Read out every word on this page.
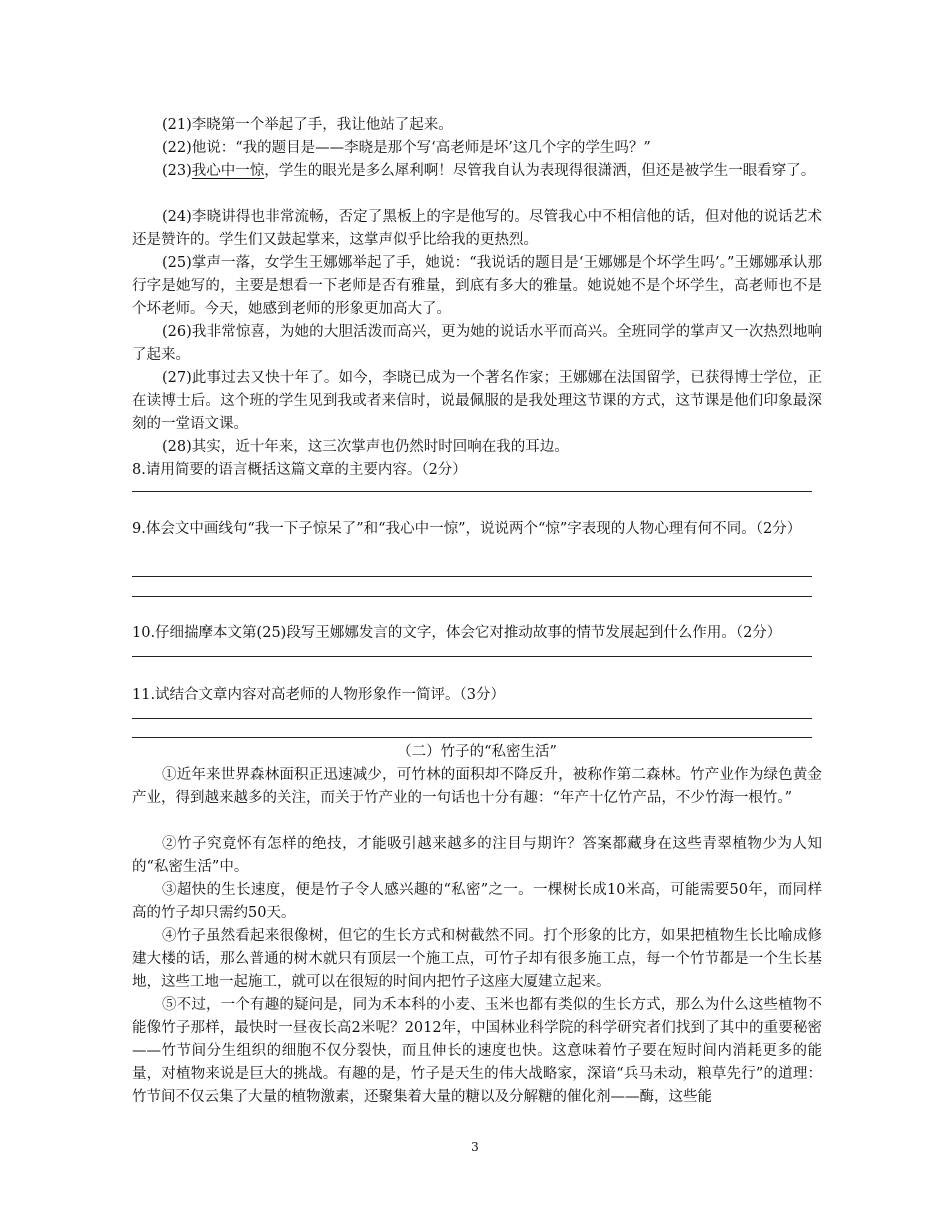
(21)李晓第一个举起了手，我让他站了起来。

(22)他说：“我的题目是——李晓是那个写‘高老师是坏’这几个字的学生吗？”

(23)我心中一惊，学生的眼光是多么犀利啊！尽管我自认为表现得很潇洒，但还是被学生一眼看穿了。

(24)李晓讲得也非常流畅，否定了黑板上的字是他写的。尽管我心中不相信他的话，但对他的说话艺术还是赞许的。学生们又鼓起掌来，这掌声似乎比给我的更热烈。

(25)掌声一落，女学生王娜娜举起了手，她说：“我说话的题目是‘王娜娜是个坏学生吗’。”王娜娜承认那行字是她写的，主要是想看一下老师是否有雅量，到底有多大的雅量。她说她不是个坏学生，高老师也不是个坏老师。今天，她感到老师的形象更加高大了。

(26)我非常惊喜，为她的大胆活泼而高兴，更为她的说话水平而高兴。全班同学的掌声又一次热烈地响了起来。

(27)此事过去又快十年了。如今，李晓已成为一个著名作家；王娜娜在法国留学，已获得博士学位，正在读博士后。这个班的学生见到我或者来信时，说最佩服的是我处理这节课的方式，这节课是他们印象最深刻的一堂语文课。

(28)其实，近十年来，这三次掌声也仍然时时回响在我的耳边。

8.请用简要的语言概括这篇文章的主要内容。（2分）

9.体会文中画线句“我一下子惊呆了”和“我心中一惊”，说说两个“惊”字表现的人物心理有何不同。（2分）

10.仔细揣摩本文第(25)段写王娜娜发言的文字，体会它对推动故事的情节发展起到什么作用。（2分）

11.试结合文章内容对高老师的人物形象作一简评。（3分）

（二）竹子的“私密生活”

①近年来世界森林面积正迅速减少，可竹林的面积却不降反升，被称作第二森林。竹产业作为绿色黄金产业，得到越来越多的关注，而关于竹产业的一句话也十分有趣：“年产十亿竹产品，不少竹海一根竹。”

②竹子究竟怀有怎样的绝技，才能吸引越来越多的注目与期许？答案都藏身在这些青翠植物少为人知的“私密生活”中。

③超快的生长速度，便是竹子令人感兴趣的“私密”之一。一棵树长成10米高，可能需要50年，而同样高的竹子却只需约50天。

④竹子虽然看起来很像树，但它的生长方式和树截然不同。打个形象的比方，如果把植物生长比喻成修建大楼的话，那么普通的树木就只有顶层一个施工点，可竹子却有很多施工点，每一个竹节都是一个生长基地，这些工地一起施工，就可以在很短的时间内把竹子这座大厦建立起来。

⑤不过，一个有趣的疑问是，同为禾本科的小麦、玉米也都有类似的生长方式，那么为什么这些植物不能像竹子那样，最快时一昼夜长高2米呢？2012年，中国林业科学院的科学研究者们找到了其中的重要秘密——竹节间分生组织的细胞不仅分裂快，而且伸长的速度也快。这意味着竹子要在短时间内消耗更多的能量，对植物来说是巨大的挑战。有趣的是，竹子是天生的伟大战略家，深谙“兵马未动，粮草先行”的道理：竹节间不仅云集了大量的植物激素，还聚集着大量的糖以及分解糖的催化剂——酶，这些能

3
